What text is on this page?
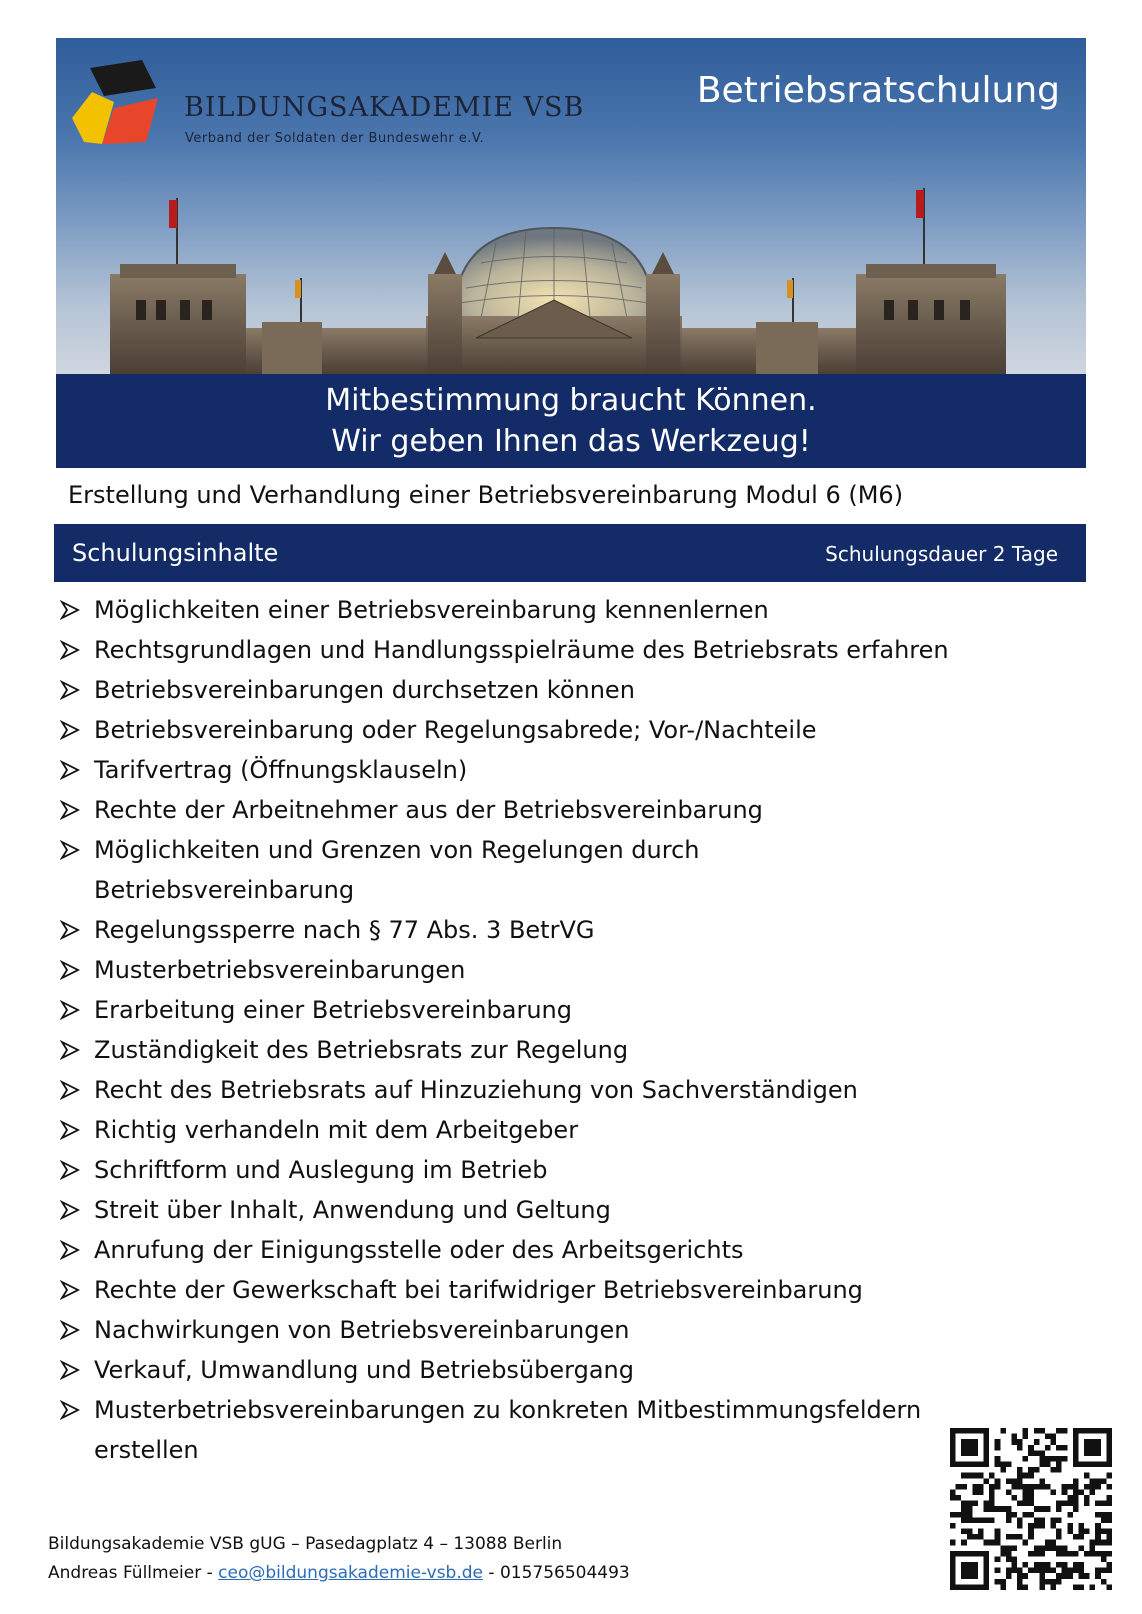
BILDUNGSAKADEMIE VSB
Verband der Soldaten der Bundeswehr e.V.
Betriebsratschulung
Mitbestimmung braucht Können.
Wir geben Ihnen das Werkzeug!
Erstellung und Verhandlung einer Betriebsvereinbarung Modul 6 (M6)
Schulungsinhalte	Schulungsdauer 2 Tage
Möglichkeiten einer Betriebsvereinbarung kennenlernen
Rechtsgrundlagen und Handlungsspielräume des Betriebsrats erfahren
Betriebsvereinbarungen durchsetzen können
Betriebsvereinbarung oder Regelungsabrede; Vor-/Nachteile
Tarifvertrag (Öffnungsklauseln)
Rechte der Arbeitnehmer aus der Betriebsvereinbarung
Möglichkeiten und Grenzen von Regelungen durch Betriebsvereinbarung
Regelungssperre nach § 77 Abs. 3 BetrVG
Musterbetriebsvereinbarungen
Erarbeitung einer Betriebsvereinbarung
Zuständigkeit des Betriebsrats zur Regelung
Recht des Betriebsrats auf Hinzuziehung von Sachverständigen
Richtig verhandeln mit dem Arbeitgeber
Schriftform und Auslegung im Betrieb
Streit über Inhalt, Anwendung und Geltung
Anrufung der Einigungsstelle oder des Arbeitsgerichts
Rechte der Gewerkschaft bei tarifwidriger Betriebsvereinbarung
Nachwirkungen von Betriebsvereinbarungen
Verkauf, Umwandlung und Betriebsübergang
Musterbetriebsvereinbarungen zu konkreten Mitbestimmungsfeldern erstellen
Bildungsakademie VSB gUG – Pasedagplatz 4 – 13088 Berlin
Andreas Füllmeier - ceo@bildungsakademie-vsb.de - 015756504493
